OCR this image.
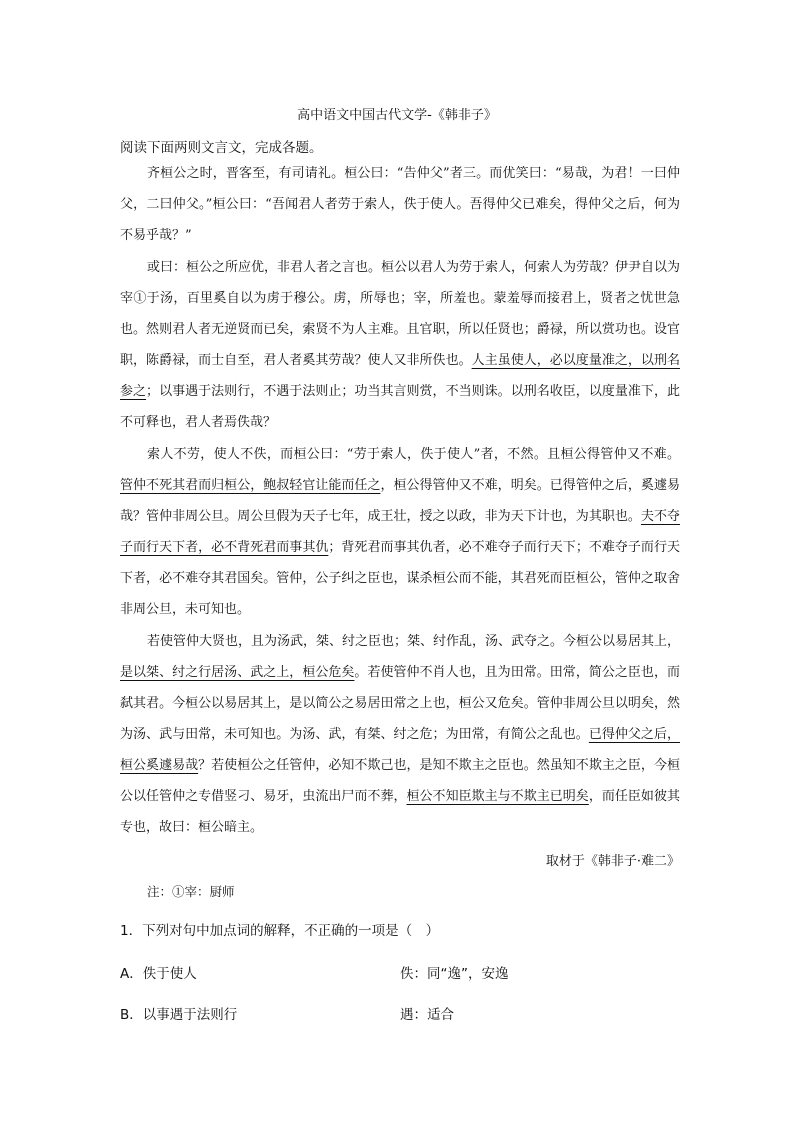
高中语文中国古代文学-《韩非子》
阅读下面两则文言文，完成各题。

齐桓公之时，晋客至，有司请礼。桓公曰：“告仲父”者三。而优笑曰：“易哉，为君！一曰仲父，二曰仲父。”桓公曰：“吾闻君人者劳于索人，佚于使人。吾得仲父已难矣，得仲父之后，何为不易乎哉？”

或曰：桓公之所应优，非君人者之言也。桓公以君人为劳于索人，何索人为劳哉？伊尹自以为宰①于汤，百里奚自以为虏于穆公。虏，所辱也；宰，所羞也。蒙羞辱而接君上，贤者之忧世急也。然则君人者无逆贤而已矣，索贤不为人主难。且官职，所以任贤也；爵禄，所以赏功也。设官职，陈爵禄，而士自至，君人者奚其劳哉？使人又非所佚也。人主虽使人，必以度量准之，以刑名参之；以事遇于法则行，不遇于法则止；功当其言则赏，不当则诛。以刑名收臣，以度量准下，此不可释也，君人者焉佚哉？

索人不劳，使人不佚，而桓公曰：“劳于索人，佚于使人”者，不然。且桓公得管仲又不难。管仲不死其君而归桓公，鲍叔轻官让能而任之，桓公得管仲又不难，明矣。已得管仲之后，奚遽易哉？管仲非周公旦。周公旦假为天子七年，成王壮，授之以政，非为天下计也，为其职也。夫不夺子而行天下者，必不背死君而事其仇；背死君而事其仇者，必不难夺子而行天下；不难夺子而行天下者，必不难夺其君国矣。管仲，公子纠之臣也，谋杀桓公而不能，其君死而臣桓公，管仲之取舍非周公旦，未可知也。

若使管仲大贤也，且为汤武，桀、纣之臣也；桀、纣作乱，汤、武夺之。今桓公以易居其上，是以桀、纣之行居汤、武之上，桓公危矣。若使管仲不肖人也，且为田常。田常，简公之臣也，而弑其君。今桓公以易居其上，是以简公之易居田常之上也，桓公又危矣。管仲非周公旦以明矣，然为汤、武与田常，未可知也。为汤、武，有桀、纣之危；为田常，有简公之乱也。已得仲父之后，桓公奚遽易哉？若使桓公之任管仲，必知不欺己也，是知不欺主之臣也。然虽知不欺主之臣，今桓公以任管仲之专借竖刁、易牙，虫流出尸而不葬，桓公不知臣欺主与不欺主已明矣，而任臣如彼其专也，故曰：桓公暗主。

取材于《韩非子·难二》
注：①宰：厨师
1．下列对句中加点词的解释，不正确的一项是（　）
A．佚于使人	佚：同“逸”，安逸
B．以事遇于法则行	遇：适合
